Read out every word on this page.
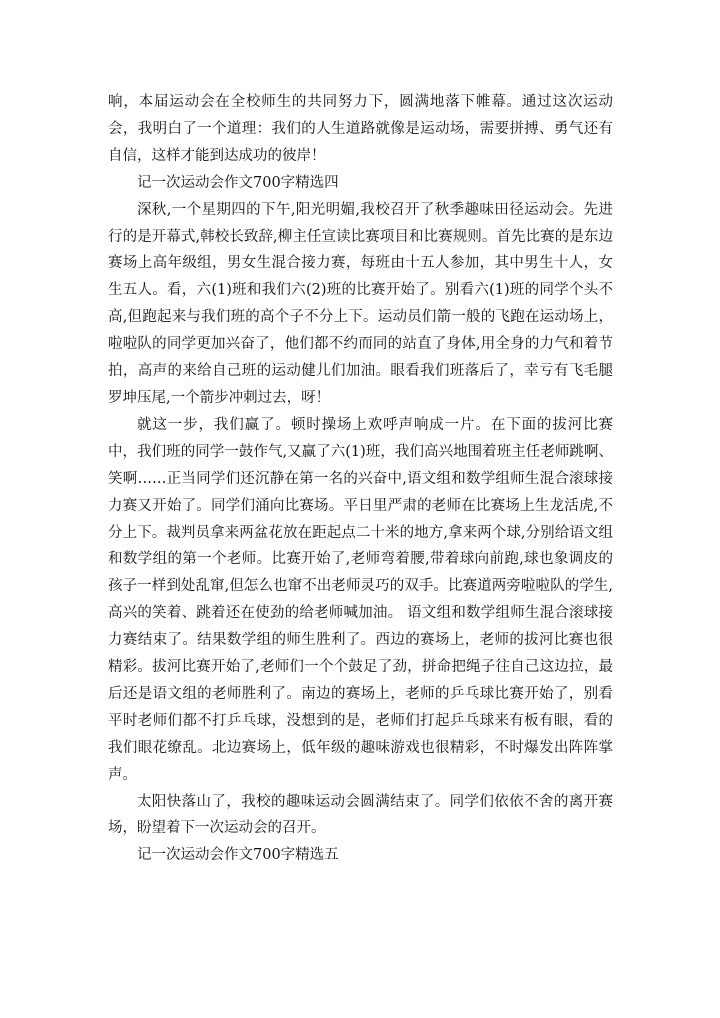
响，本届运动会在全校师生的共同努力下，圆满地落下帷幕。通过这次运动会，我明白了一个道理：我们的人生道路就像是运动场，需要拼搏、勇气还有自信，这样才能到达成功的彼岸！

记一次运动会作文700字精选四

深秋,一个星期四的下午,阳光明媚,我校召开了秋季趣味田径运动会。先进行的是开幕式,韩校长致辞,柳主任宣读比赛项目和比赛规则。首先比赛的是东边赛场上高年级组，男女生混合接力赛，每班由十五人参加，其中男生十人，女生五人。看，六(1)班和我们六(2)班的比赛开始了。别看六(1)班的同学个头不高,但跑起来与我们班的高个子不分上下。运动员们箭一般的飞跑在运动场上，啦啦队的同学更加兴奋了，他们都不约而同的站直了身体,用全身的力气和着节拍，高声的来给自己班的运动健儿们加油。眼看我们班落后了，幸亏有飞毛腿罗坤压尾,一个箭步冲刺过去，呀！

就这一步，我们赢了。顿时操场上欢呼声响成一片。在下面的拔河比赛中，我们班的同学一鼓作气,又赢了六(1)班，我们高兴地围着班主任老师跳啊、笑啊……正当同学们还沉静在第一名的兴奋中,语文组和数学组师生混合滚球接力赛又开始了。同学们涌向比赛场。平日里严肃的老师在比赛场上生龙活虎,不分上下。裁判员拿来两盆花放在距起点二十米的地方,拿来两个球,分别给语文组和数学组的第一个老师。比赛开始了,老师弯着腰,带着球向前跑,球也象调皮的孩子一样到处乱窜,但怎么也窜不出老师灵巧的双手。比赛道两旁啦啦队的学生,高兴的笑着、跳着还在使劲的给老师喊加油。 语文组和数学组师生混合滚球接力赛结束了。结果数学组的师生胜利了。西边的赛场上，老师的拔河比赛也很精彩。拔河比赛开始了,老师们一个个鼓足了劲，拼命把绳子往自己这边拉，最后还是语文组的老师胜利了。南边的赛场上，老师的乒乓球比赛开始了，别看平时老师们都不打乒乓球，没想到的是，老师们打起乒乓球来有板有眼，看的我们眼花缭乱。北边赛场上，低年级的趣味游戏也很精彩，不时爆发出阵阵掌声。

太阳快落山了，我校的趣味运动会圆满结束了。同学们依依不舍的离开赛场，盼望着下一次运动会的召开。

记一次运动会作文700字精选五
